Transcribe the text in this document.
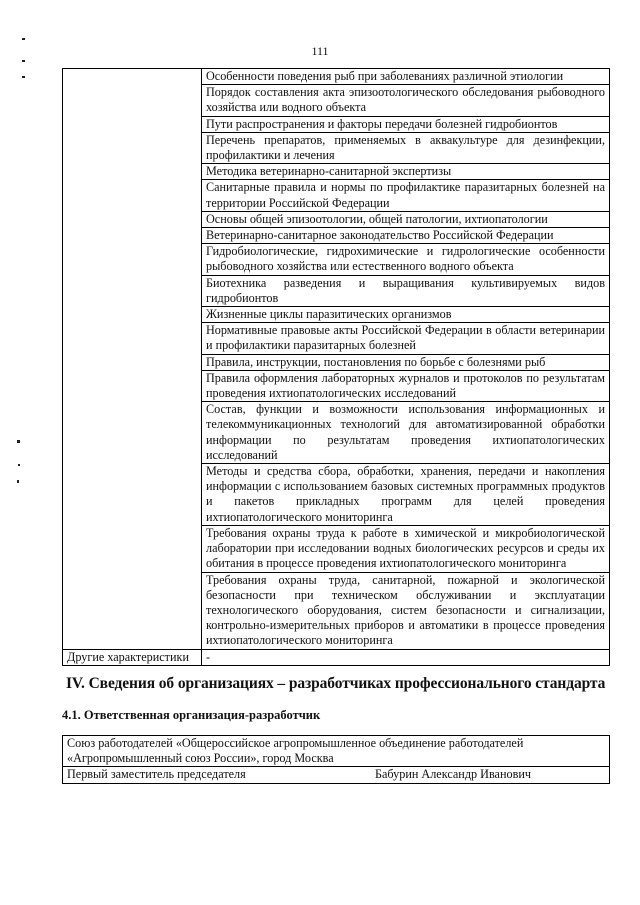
111
	Особенности поведения рыб при заболеваниях различной этиологии
	Порядок составления акта эпизоотологического обследования рыбоводного хозяйства или водного объекта
	Пути распространения и факторы передачи болезней гидробионтов
	Перечень препаратов, применяемых в аквакультуре для дезинфекции, профилактики и лечения
	Методика ветеринарно-санитарной экспертизы
	Санитарные правила и нормы по профилактике паразитарных болезней на территории Российской Федерации
	Основы общей эпизоотологии, общей патологии, ихтиопатологии
	Ветеринарно-санитарное законодательство Российской Федерации
	Гидробиологические, гидрохимические и гидрологические особенности рыбоводного хозяйства или естественного водного объекта
	Биотехника разведения и выращивания культивируемых видов гидробионтов
	Жизненные циклы паразитических организмов
	Нормативные правовые акты Российской Федерации в области ветеринарии и профилактики паразитарных болезней
	Правила, инструкции, постановления по борьбе с болезнями рыб
	Правила оформления лабораторных журналов и протоколов по результатам проведения ихтиопатологических исследований
	Состав, функции и возможности использования информационных и телекоммуникационных технологий для автоматизированной обработки информации по результатам проведения ихтиопатологических исследований
	Методы и средства сбора, обработки, хранения, передачи и накопления информации с использованием базовых системных программных продуктов и пакетов прикладных программ для целей проведения ихтиопатологического мониторинга
	Требования охраны труда к работе в химической и микробиологической лаборатории при исследовании водных биологических ресурсов и среды их обитания в процессе проведения ихтиопатологического мониторинга
	Требования охраны труда, санитарной, пожарной и экологической безопасности при техническом обслуживании и эксплуатации технологического оборудования, систем безопасности и сигнализации, контрольно-измерительных приборов и автоматики в процессе проведения ихтиопатологического мониторинга
Другие характеристики	-
IV. Сведения об организациях – разработчиках профессионального стандарта
4.1. Ответственная организация-разработчик
Союз работодателей «Общероссийское агропромышленное объединение работодателей «Агропромышленный союз России», город Москва
Первый заместитель председателя	Бабурин Александр Иванович
